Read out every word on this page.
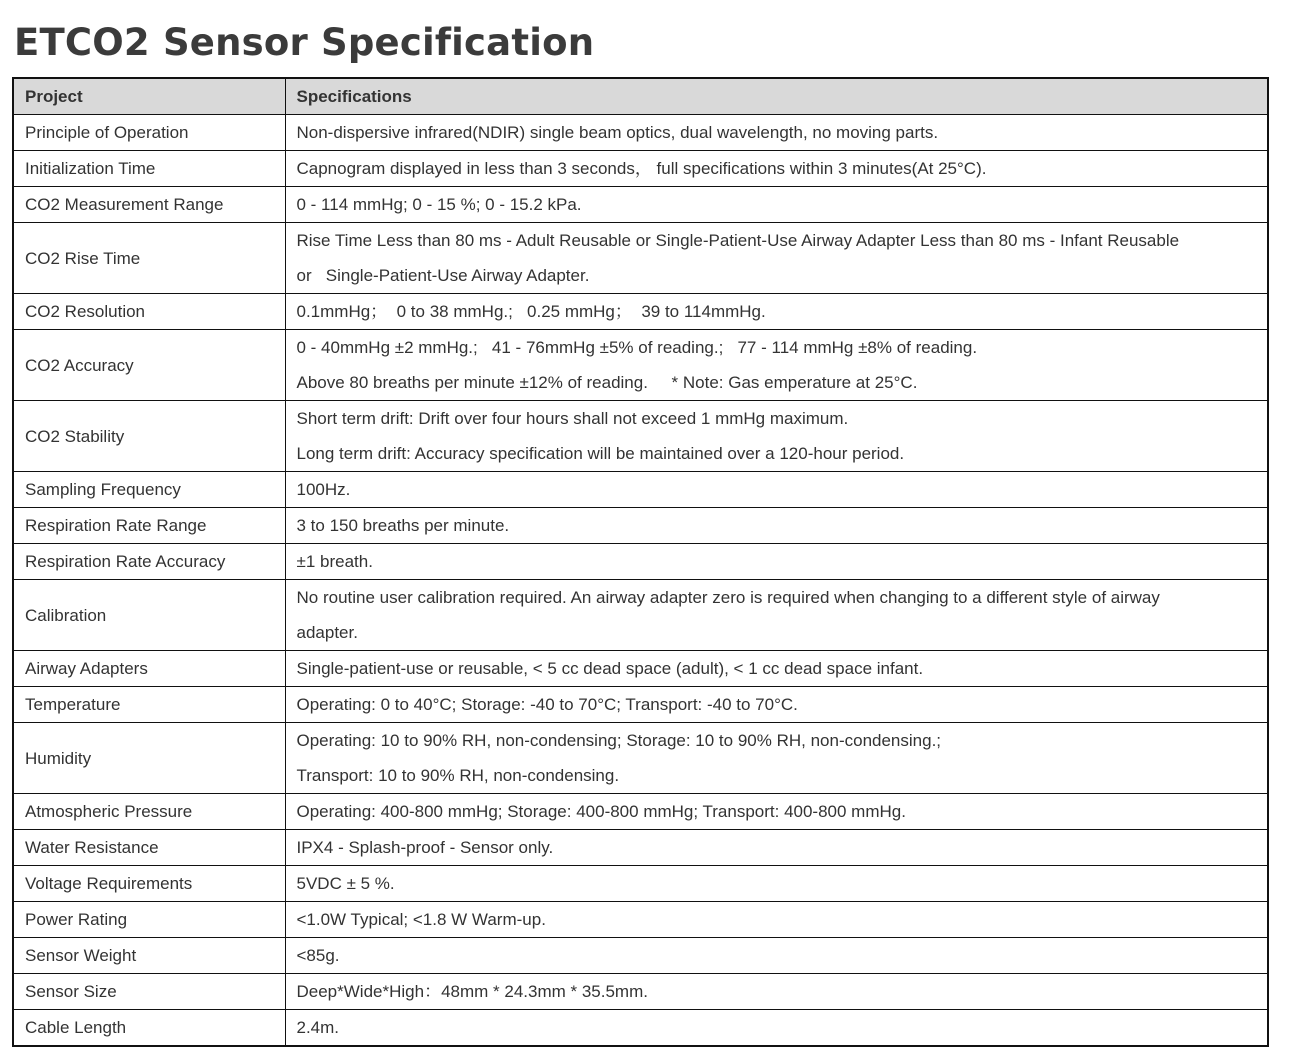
ETCO2 Sensor Specification
Project	Specifications
Principle of Operation	Non-dispersive infrared(NDIR) single beam optics, dual wavelength, no moving parts.

Initialization Time	Capnogram displayed in less than 3 seconds， full specifications within 3 minutes(At 25°C).

CO2 Measurement Range	0 - 114 mmHg; 0 - 15 %; 0 - 15.2 kPa.

CO2 Rise Time	Rise Time Less than 80 ms - Adult Reusable or Single-Patient-Use Airway Adapter Less than 80 ms - Infant Reusable
or   Single-Patient-Use Airway Adapter.

CO2 Resolution	0.1mmHg；  0 to 38 mmHg.;   0.25 mmHg；  39 to 114mmHg.

CO2 Accuracy	0 - 40mmHg ±2 mmHg.;   41 - 76mmHg ±5% of reading.;   77 - 114 mmHg ±8% of reading.
Above 80 breaths per minute ±12% of reading.     * Note: Gas emperature at 25°C.

CO2 Stability	Short term drift: Drift over four hours shall not exceed 1 mmHg maximum.
Long term drift: Accuracy specification will be maintained over a 120-hour period.

Sampling Frequency	100Hz.

Respiration Rate Range	3 to 150 breaths per minute.

Respiration Rate Accuracy	±1 breath.

Calibration	No routine user calibration required. An airway adapter zero is required when changing to a different style of airway
adapter.

Airway Adapters	Single-patient-use or reusable, < 5 cc dead space (adult), < 1 cc dead space infant.

Temperature	Operating: 0 to 40°C; Storage: -40 to 70°C; Transport: -40 to 70°C.

Humidity	Operating: 10 to 90% RH, non-condensing; Storage: 10 to 90% RH, non-condensing.;
Transport: 10 to 90% RH, non-condensing.

Atmospheric Pressure	Operating: 400-800 mmHg; Storage: 400-800 mmHg; Transport: 400-800 mmHg.

Water Resistance	IPX4 - Splash-proof - Sensor only.

Voltage Requirements	5VDC ± 5 %.

Power Rating	<1.0W Typical; <1.8 W Warm-up.

Sensor Weight	<85g.

Sensor Size	Deep*Wide*High：48mm * 24.3mm * 35.5mm.

Cable Length	2.4m.
